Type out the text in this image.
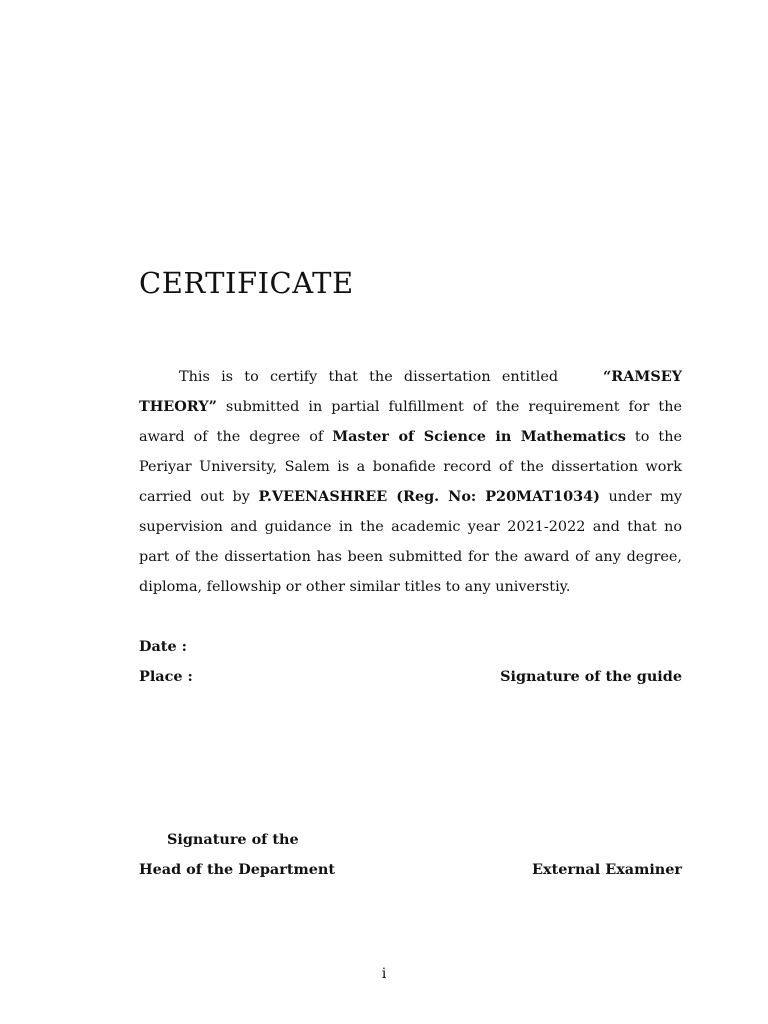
CERTIFICATE

This is to certify that the dissertation entitled	“RAMSEY THEORY” submitted in partial fulfillment of the requirement for the award of the degree of Master of Science in Mathematics to the Periyar University, Salem is a bonafide record of the dissertation work carried out by P.VEENASHREE (Reg. No: P20MAT1034) under my supervision and guidance in the academic year 2021-2022 and that no part of the dissertation has been submitted for the award of any degree, diploma, fellowship or other similar titles to any universtiy.

Date :
Place :	Signature of the guide
Signature of the
Head of the Department	External Examiner
i
